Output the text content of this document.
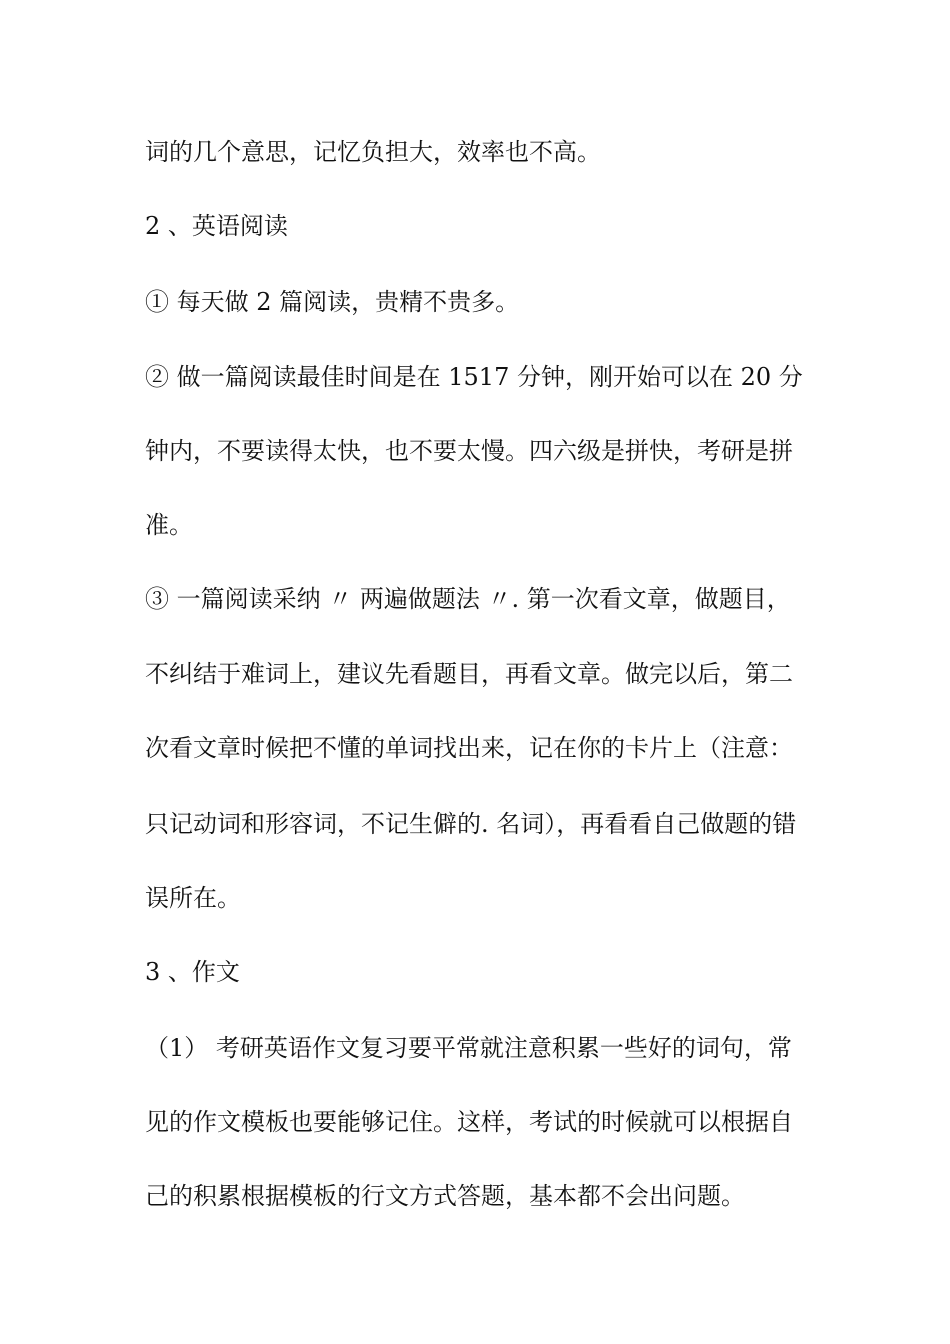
词的几个意思，记忆负担大，效率也不高。
2 、英语阅读
① 每天做 2 篇阅读，贵精不贵多。
② 做一篇阅读最佳时间是在 1517 分钟，刚开始可以在 20 分
钟内，不要读得太快，也不要太慢。四六级是拼快，考研是拼
准。
③ 一篇阅读采纳 〃 两遍做题法 〃. 第一次看文章，做题目，
不纠结于难词上，建议先看题目，再看文章。做完以后，第二
次看文章时候把不懂的单词找出来，记在你的卡片上（注意：
只记动词和形容词，不记生僻的. 名词），再看看自己做题的错
误所在。
3 、作文
（1） 考研英语作文复习要平常就注意积累一些好的词句，常
见的作文模板也要能够记住。这样，考试的时候就可以根据自
己的积累根据模板的行文方式答题，基本都不会出问题。
